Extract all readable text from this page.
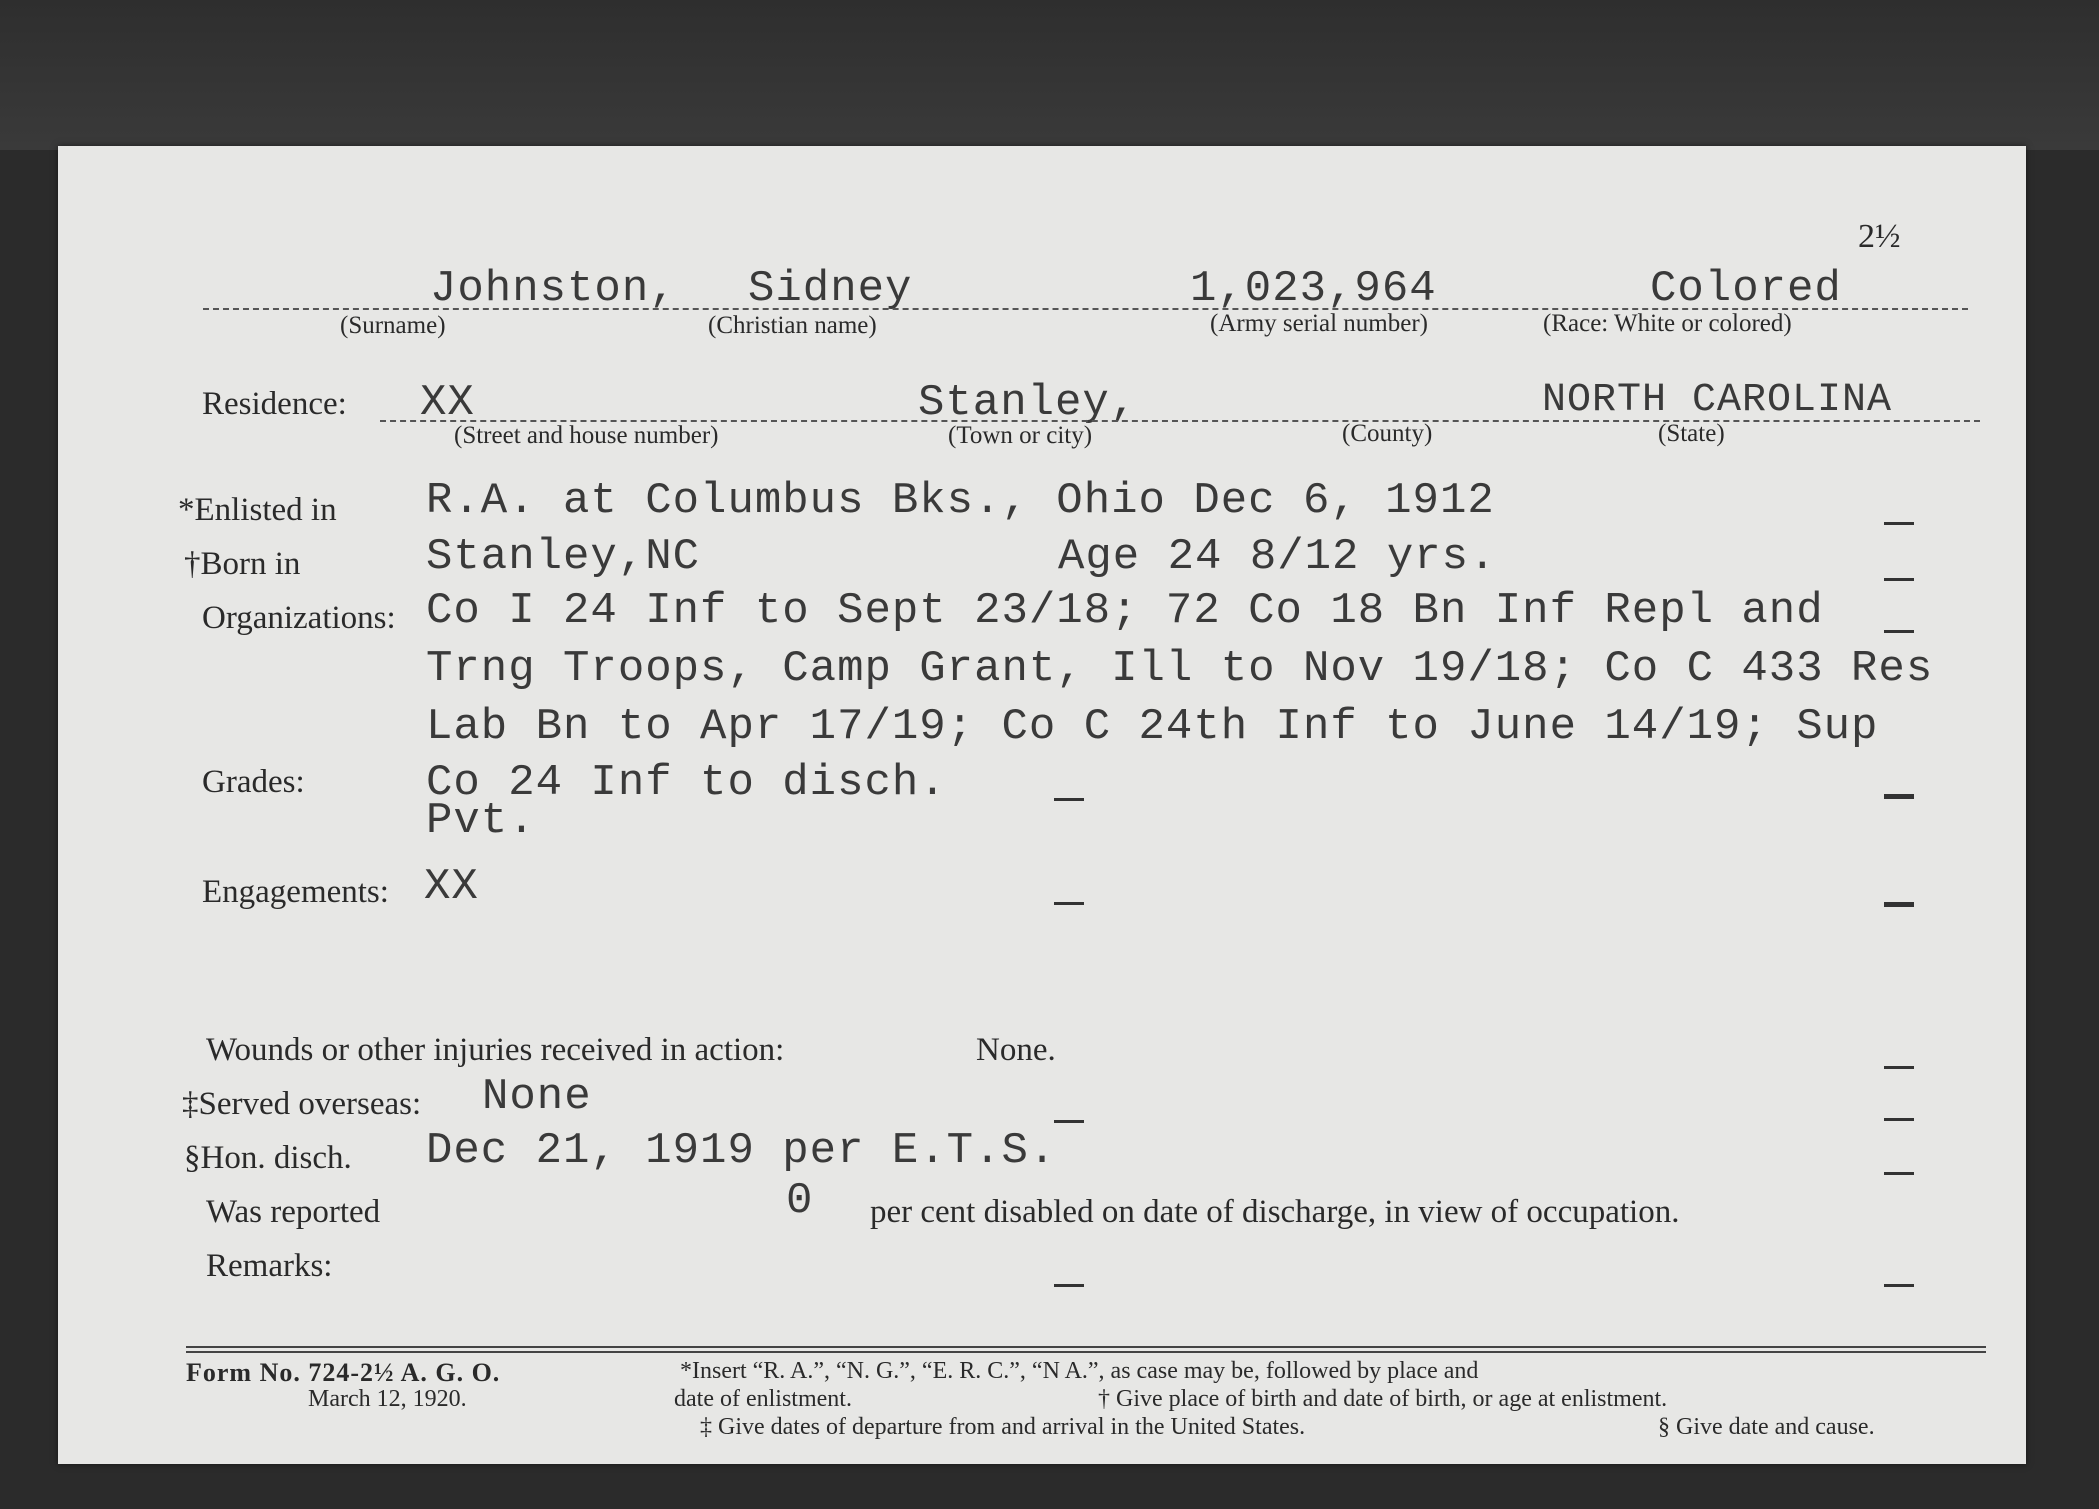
2½
Johnston, Sidney	1,023,964	Colored
(Surname)	(Christian name)	(Army serial number)	(Race: White or colored)
Residence: XX	Stanley,	NORTH CAROLINA
(Street and house number)	(Town or city)	(County)	(State)
*Enlisted in R.A. at Columbus Bks., Ohio Dec 6, 1912
†Born in	Stanley,NC	Age 24 8/12 yrs.
Organizations: Co I 24 Inf to Sept 23/18; 72 Co 18 Bn Inf Repl and
Trng Troops, Camp Grant, Ill to Nov 19/18; Co C 433 Res
Lab Bn to Apr 17/19; Co C 24th Inf to June 14/19; Sup
Grades:	Co 24 Inf to disch.
Pvt.
Engagements: XX
Wounds or other injuries received in action:	None.
‡Served overseas: None
§Hon. disch. Dec 21, 1919 per E.T.S.
Was reported	0 per cent disabled on date of discharge, in view of occupation.
Remarks:
Form No. 724-2½ A. G. O.
March 12, 1920.
*Insert “R. A.”, “N. G.”, “E. R. C.”, “N A.”, as case may be, followed by place and
date of enlistment.	† Give place of birth and date of birth, or age at enlistment.
‡ Give dates of departure from and arrival in the United States.	§ Give date and cause.
